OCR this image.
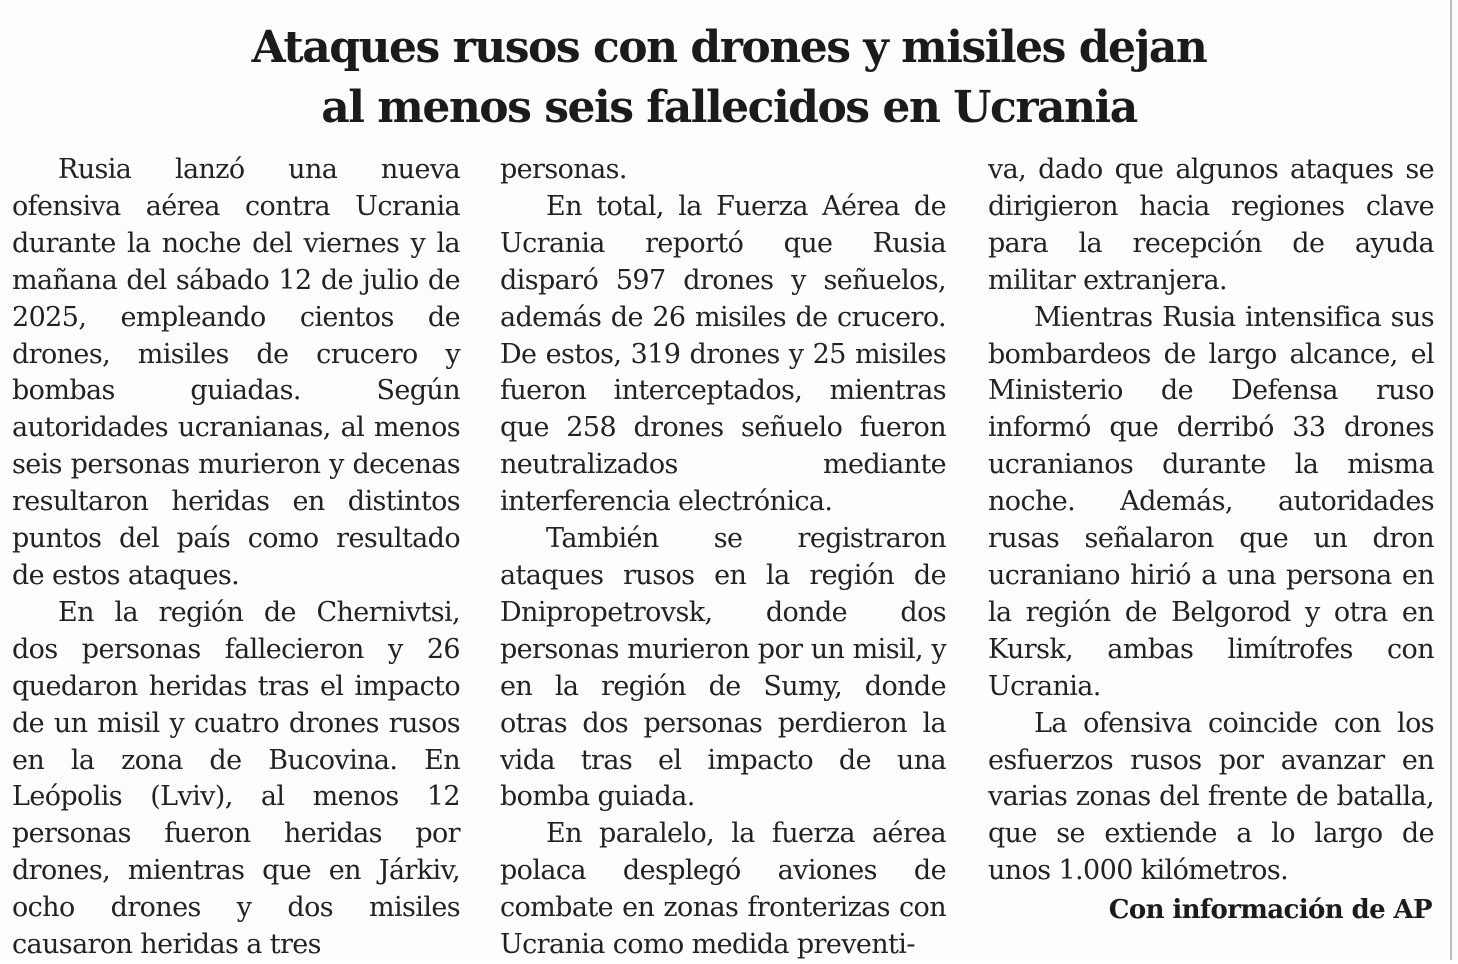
Ataques rusos con drones y misiles dejan
al menos seis fallecidos en Ucrania

Rusia lanzó una nueva ofensiva aérea contra Ucrania durante la noche del viernes y la mañana del sábado 12 de julio de 2025, empleando cientos de drones, misiles de crucero y bombas guiadas. Según autoridades ucranianas, al menos seis personas murieron y decenas resultaron heridas en distintos puntos del país como resultado de estos ataques.

En la región de Chernivtsi, dos personas fallecieron y 26 quedaron heridas tras el impacto de un misil y cuatro drones rusos en la zona de Bucovina. En Leópolis (Lviv), al menos 12 personas fueron heridas por drones, mientras que en Járkiv, ocho drones y dos misiles causaron heridas a tres

personas.

En total, la Fuerza Aérea de Ucrania reportó que Rusia disparó 597 drones y señuelos, además de 26 misiles de crucero. De estos, 319 drones y 25 misiles fueron interceptados, mientras que 258 drones señuelo fueron neutralizados mediante interferencia electrónica.

También se registraron ataques rusos en la región de Dnipropetrovsk, donde dos personas murieron por un misil, y en la región de Sumy, donde otras dos personas perdieron la vida tras el impacto de una bomba guiada.

En paralelo, la fuerza aérea polaca desplegó aviones de combate en zonas fronterizas con Ucrania como medida preventi-

va, dado que algunos ataques se dirigieron hacia regiones clave para la recepción de ayuda militar extranjera.

Mientras Rusia intensifica sus bombardeos de largo alcance, el Ministerio de Defensa ruso informó que derribó 33 drones ucranianos durante la misma noche. Además, autoridades rusas señalaron que un dron ucraniano hirió a una persona en la región de Belgorod y otra en Kursk, ambas limítrofes con Ucrania.

La ofensiva coincide con los esfuerzos rusos por avanzar en varias zonas del frente de batalla, que se extiende a lo largo de unos 1.000 kilómetros.

Con información de AP
